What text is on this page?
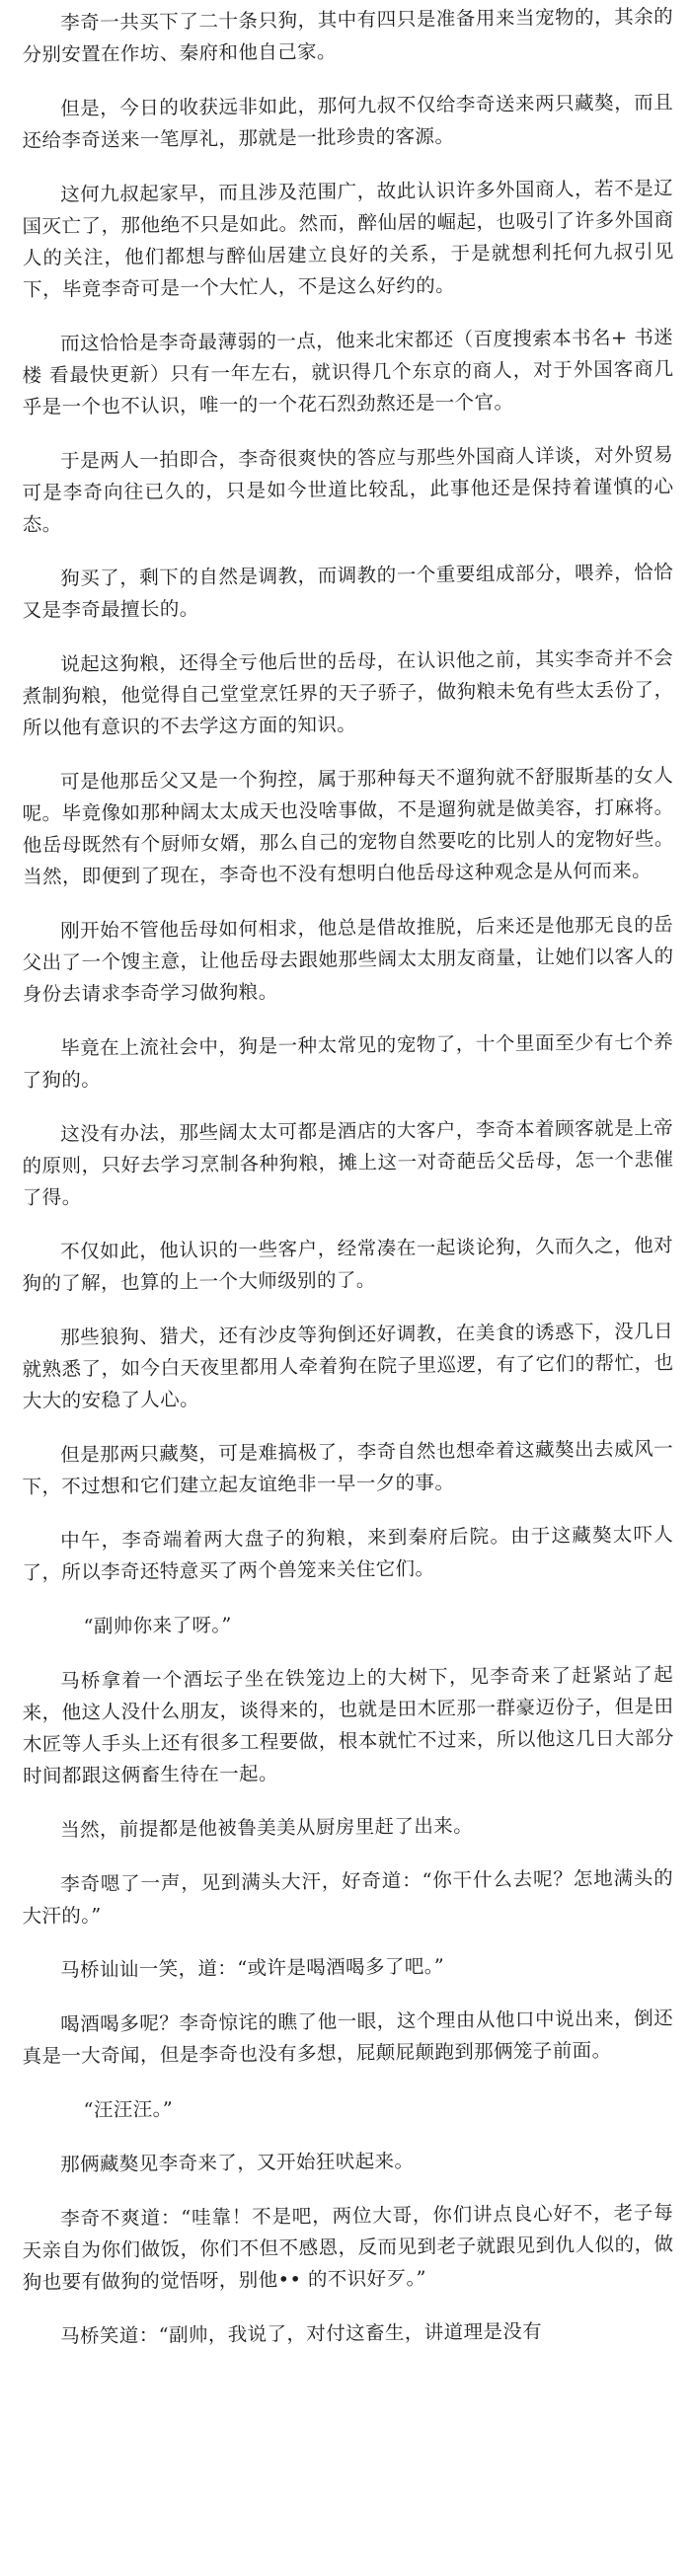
李奇一共买下了二十条只狗，其中有四只是准备用来当宠物的，其余的分别安置在作坊、秦府和他自己家。

但是，今日的收获远非如此，那何九叔不仅给李奇送来两只藏獒，而且还给李奇送来一笔厚礼，那就是一批珍贵的客源。

这何九叔起家早，而且涉及范围广，故此认识许多外国商人，若不是辽国灭亡了，那他绝不只是如此。然而，醉仙居的崛起，也吸引了许多外国商人的关注，他们都想与醉仙居建立良好的关系，于是就想利托何九叔引见下，毕竟李奇可是一个大忙人，不是这么好约的。

而这恰恰是李奇最薄弱的一点，他来北宋都还（百度搜索本书名+ 书迷楼 看最快更新）只有一年左右，就识得几个东京的商人，对于外国客商几乎是一个也不认识，唯一的一个花石烈劲熬还是一个官。

于是两人一拍即合，李奇很爽快的答应与那些外国商人详谈，对外贸易可是李奇向往已久的，只是如今世道比较乱，此事他还是保持着谨慎的心态。

狗买了，剩下的自然是调教，而调教的一个重要组成部分，喂养，恰恰又是李奇最擅长的。

说起这狗粮，还得全亏他后世的岳母，在认识他之前，其实李奇并不会煮制狗粮，他觉得自己堂堂烹饪界的天子骄子，做狗粮未免有些太丢份了，所以他有意识的不去学这方面的知识。

可是他那岳父又是一个狗控，属于那种每天不遛狗就不舒服斯基的女人呢。毕竟像如那种阔太太成天也没啥事做，不是遛狗就是做美容，打麻将。他岳母既然有个厨师女婿，那么自己的宠物自然要吃的比别人的宠物好些。当然，即便到了现在，李奇也不没有想明白他岳母这种观念是从何而来。

刚开始不管他岳母如何相求，他总是借故推脱，后来还是他那无良的岳父出了一个馊主意，让他岳母去跟她那些阔太太朋友商量，让她们以客人的身份去请求李奇学习做狗粮。

毕竟在上流社会中，狗是一种太常见的宠物了，十个里面至少有七个养了狗的。

这没有办法，那些阔太太可都是酒店的大客户，李奇本着顾客就是上帝的原则，只好去学习烹制各种狗粮，摊上这一对奇葩岳父岳母，怎一个悲催了得。

不仅如此，他认识的一些客户，经常凑在一起谈论狗，久而久之，他对狗的了解，也算的上一个大师级别的了。

那些狼狗、猎犬，还有沙皮等狗倒还好调教，在美食的诱惑下，没几日就熟悉了，如今白天夜里都用人牵着狗在院子里巡逻，有了它们的帮忙，也大大的安稳了人心。

但是那两只藏獒，可是难搞极了，李奇自然也想牵着这藏獒出去威风一下，不过想和它们建立起友谊绝非一早一夕的事。

中午，李奇端着两大盘子的狗粮，来到秦府后院。由于这藏獒太吓人了，所以李奇还特意买了两个兽笼来关住它们。

“副帅你来了呀。”

马桥拿着一个酒坛子坐在铁笼边上的大树下，见李奇来了赶紧站了起来，他这人没什么朋友，谈得来的，也就是田木匠那一群豪迈份子，但是田木匠等人手头上还有很多工程要做，根本就忙不过来，所以他这几日大部分时间都跟这俩畜生待在一起。

当然，前提都是他被鲁美美从厨房里赶了出来。

李奇嗯了一声，见到满头大汗，好奇道：“你干什么去呢？怎地满头的大汗的。”

马桥讪讪一笑，道：“或许是喝酒喝多了吧。”

喝酒喝多呢？李奇惊诧的瞧了他一眼，这个理由从他口中说出来，倒还真是一大奇闻，但是李奇也没有多想，屁颠屁颠跑到那俩笼子前面。

“汪汪汪。”

那俩藏獒见李奇来了，又开始狂吠起来。

李奇不爽道：“哇靠！不是吧，两位大哥，你们讲点良心好不，老子每天亲自为你们做饭，你们不但不感恩，反而见到老子就跟见到仇人似的，做狗也要有做狗的觉悟呀，别他•• 的不识好歹。”

马桥笑道：“副帅，我说了，对付这畜生，讲道理是没有
